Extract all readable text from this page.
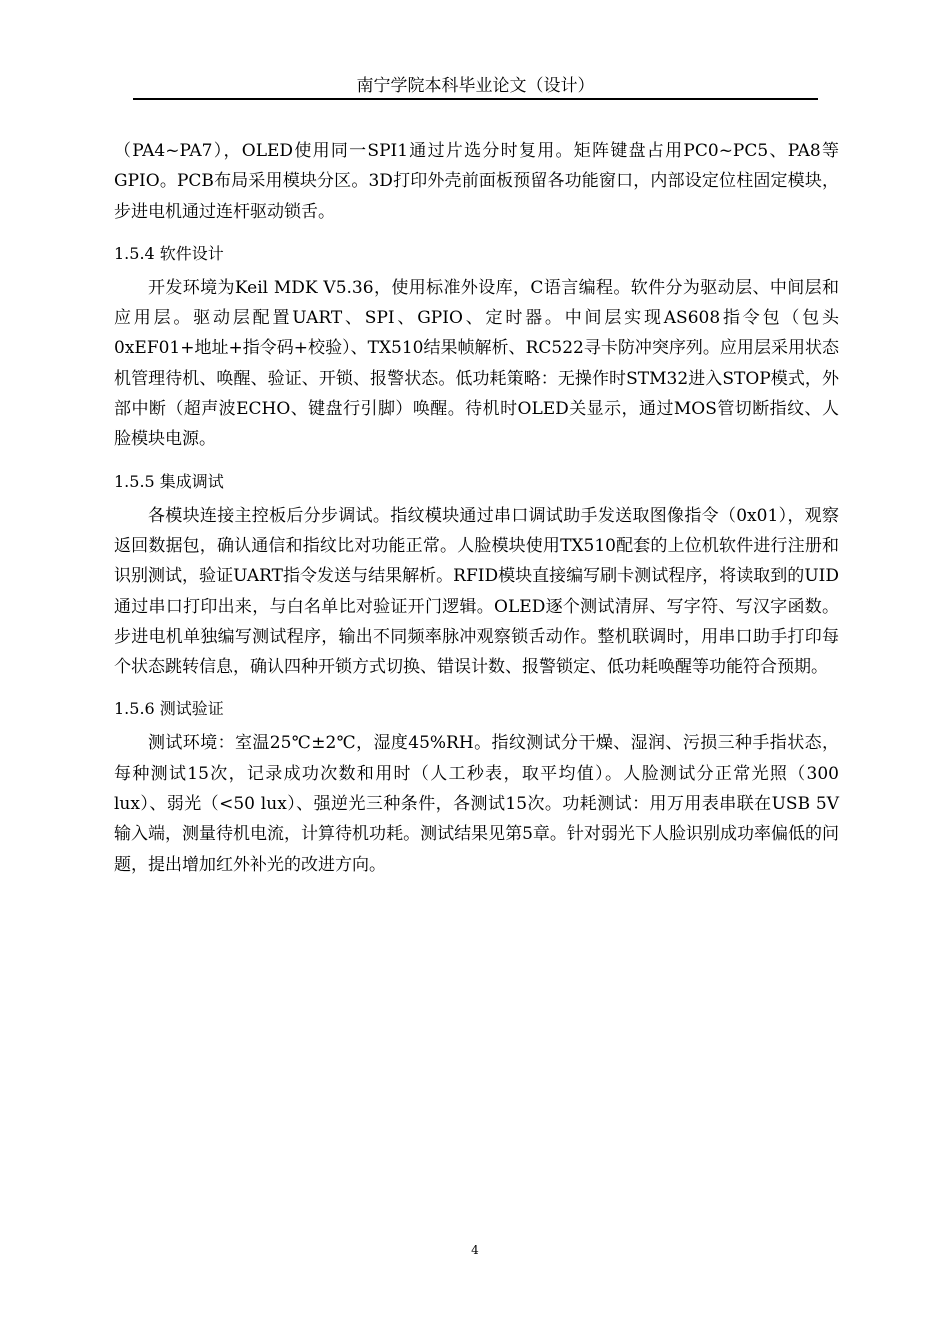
南宁学院本科毕业论文（设计）

（PA4~PA7），OLED使用同一SPI1通过片选分时复用。矩阵键盘占用PC0~PC5、PA8等GPIO。PCB布局采用模块分区。3D打印外壳前面板预留各功能窗口，内部设定位柱固定模块，步进电机通过连杆驱动锁舌。

1.5.4 软件设计

开发环境为Keil MDK V5.36，使用标准外设库，C语言编程。软件分为驱动层、中间层和应用层。驱动层配置UART、SPI、GPIO、定时器。中间层实现AS608指令包（包头0xEF01+地址+指令码+校验）、TX510结果帧解析、RC522寻卡防冲突序列。应用层采用状态机管理待机、唤醒、验证、开锁、报警状态。低功耗策略：无操作时STM32进入STOP模式，外部中断（超声波ECHO、键盘行引脚）唤醒。待机时OLED关显示，通过MOS管切断指纹、人脸模块电源。

1.5.5 集成调试

各模块连接主控板后分步调试。指纹模块通过串口调试助手发送取图像指令（0x01），观察返回数据包，确认通信和指纹比对功能正常。人脸模块使用TX510配套的上位机软件进行注册和识别测试，验证UART指令发送与结果解析。RFID模块直接编写刷卡测试程序，将读取到的UID通过串口打印出来，与白名单比对验证开门逻辑。OLED逐个测试清屏、写字符、写汉字函数。步进电机单独编写测试程序，输出不同频率脉冲观察锁舌动作。整机联调时，用串口助手打印每个状态跳转信息，确认四种开锁方式切换、错误计数、报警锁定、低功耗唤醒等功能符合预期。

1.5.6 测试验证

测试环境：室温25℃±2℃，湿度45%RH。指纹测试分干燥、湿润、污损三种手指状态，每种测试15次，记录成功次数和用时（人工秒表，取平均值）。人脸测试分正常光照（300 lux）、弱光（<50 lux）、强逆光三种条件，各测试15次。功耗测试：用万用表串联在USB 5V输入端，测量待机电流，计算待机功耗。测试结果见第5章。针对弱光下人脸识别成功率偏低的问题，提出增加红外补光的改进方向。

4
